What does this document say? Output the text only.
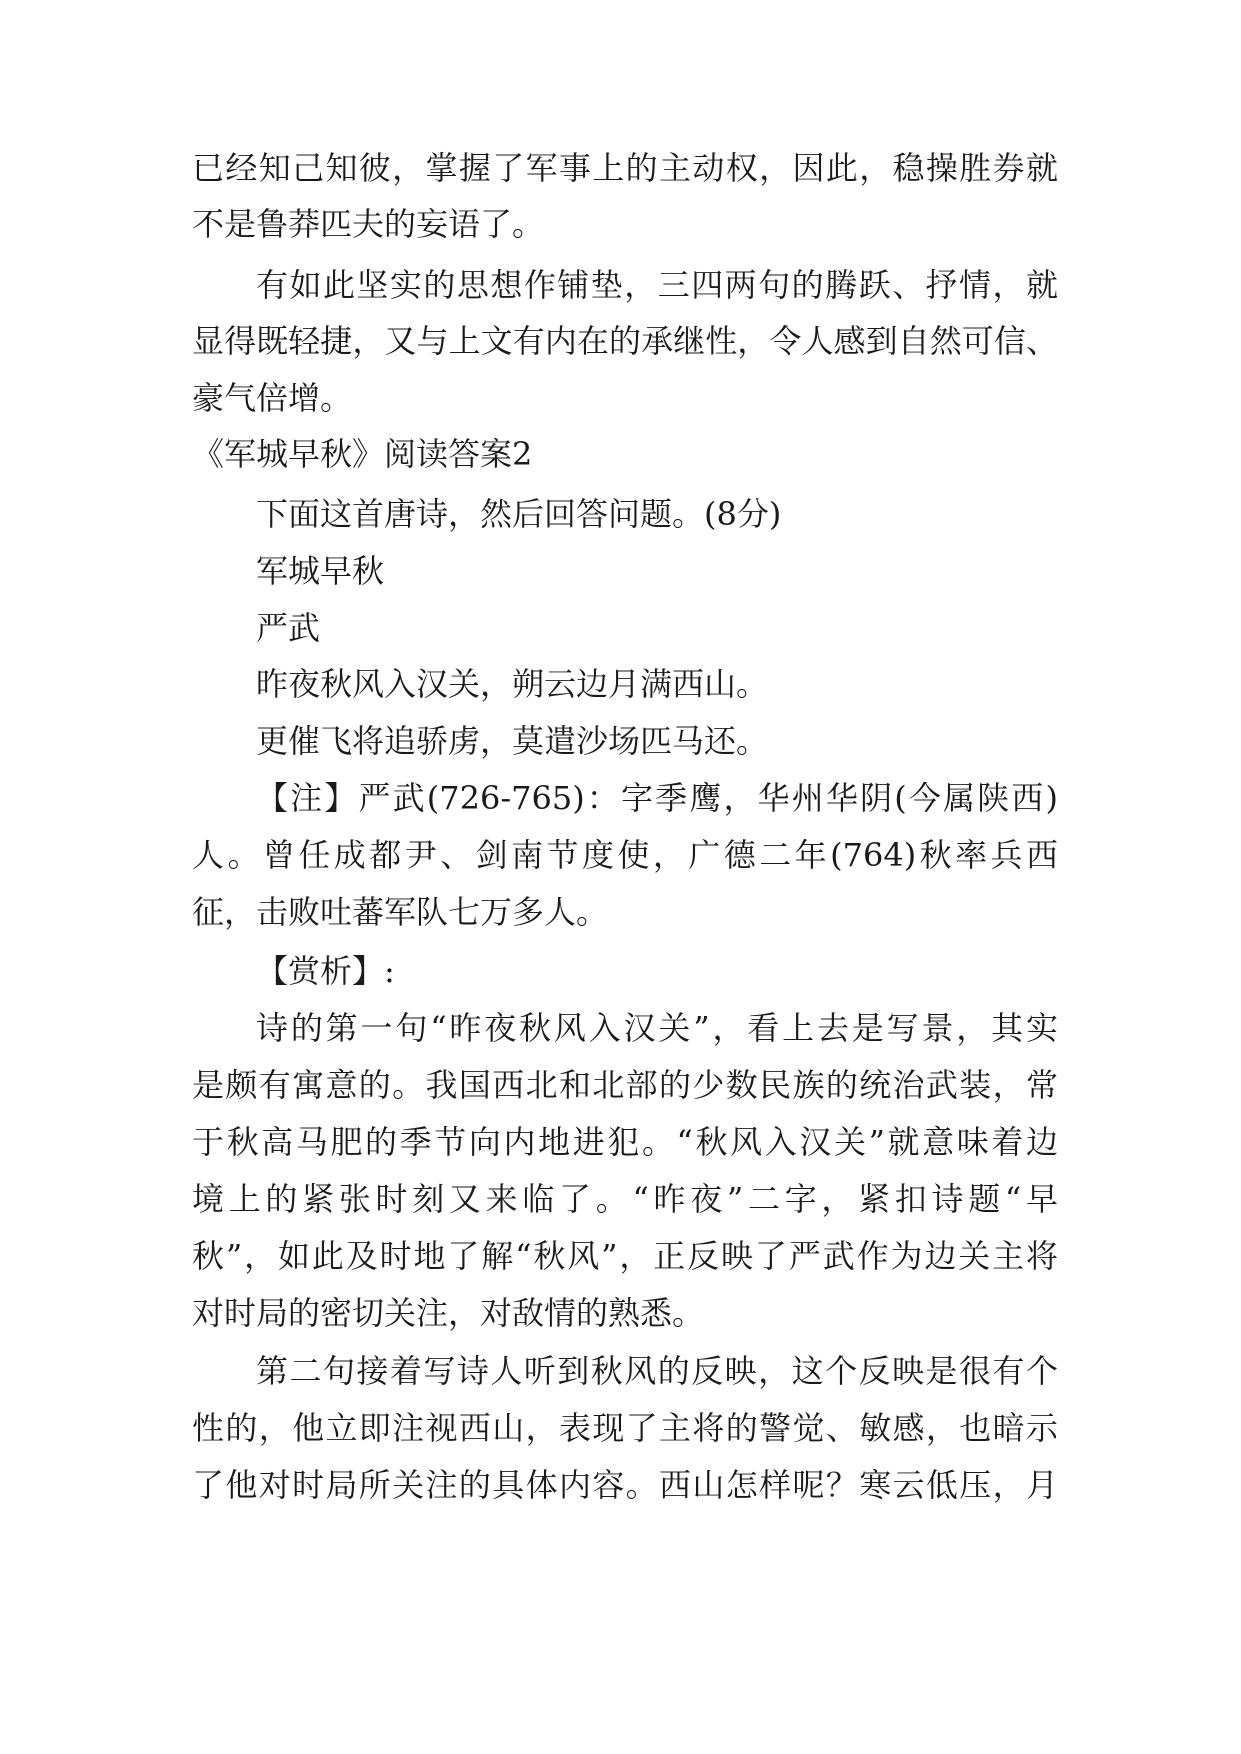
已经知己知彼，掌握了军事上的主动权，因此，稳操胜券就
不是鲁莽匹夫的妄语了。
有如此坚实的思想作铺垫，三四两句的腾跃、抒情，就
显得既轻捷，又与上文有内在的承继性，令人感到自然可信、
豪气倍增。
《军城早秋》阅读答案2
下面这首唐诗，然后回答问题。(8分)
军城早秋
严武
昨夜秋风入汉关，朔云边月满西山。
更催飞将追骄虏，莫遣沙场匹马还。
【注】严武(726-765)：字季鹰，华州华阴(今属陕西)
人。曾任成都尹、剑南节度使，广德二年(764)秋率兵西
征，击败吐蕃军队七万多人。
【赏析】:
诗的第一句“昨夜秋风入汉关”，看上去是写景，其实
是颇有寓意的。我国西北和北部的少数民族的统治武装，常
于秋高马肥的季节向内地进犯。“秋风入汉关”就意味着边
境上的紧张时刻又来临了。“昨夜”二字，紧扣诗题“早
秋”，如此及时地了解“秋风”，正反映了严武作为边关主将
对时局的密切关注，对敌情的熟悉。
第二句接着写诗人听到秋风的反映，这个反映是很有个
性的，他立即注视西山，表现了主将的警觉、敏感，也暗示
了他对时局所关注的具体内容。西山怎样呢？寒云低压，月
